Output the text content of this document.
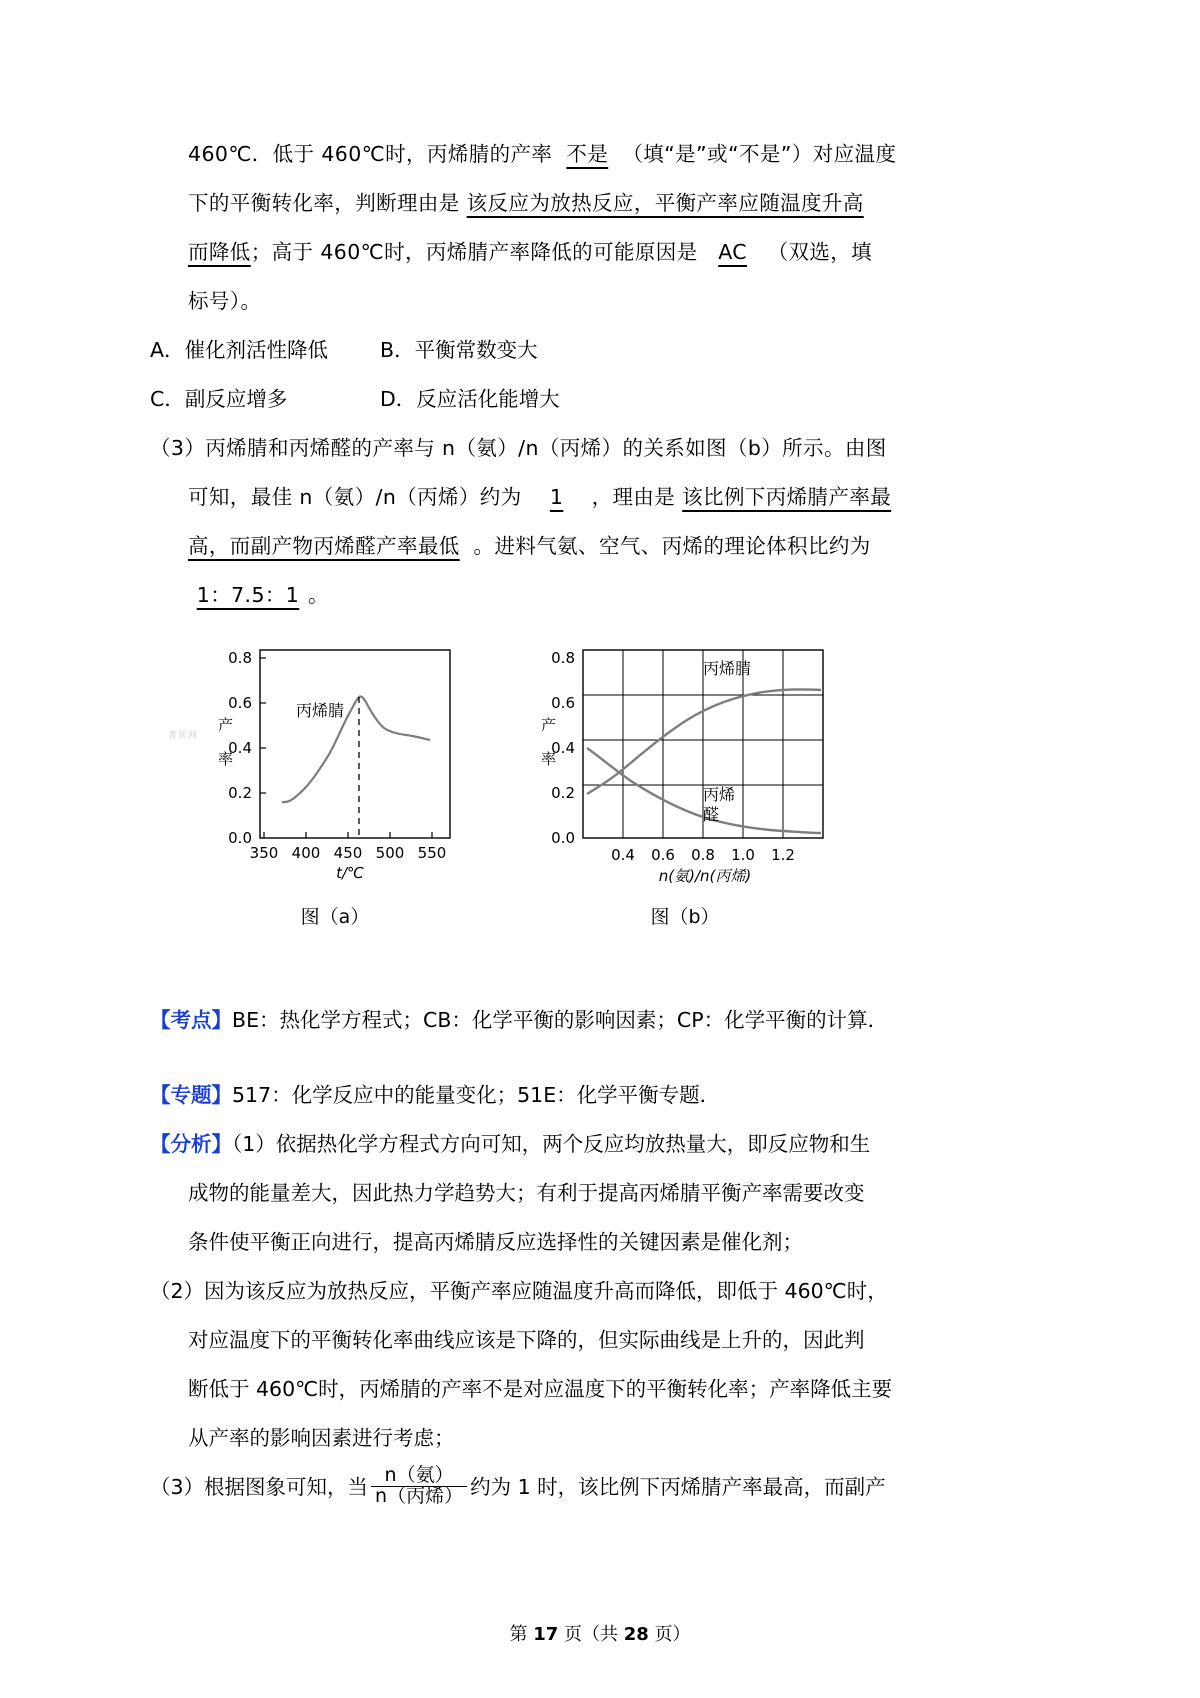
460℃．低于 460℃时，丙烯腈的产率 不是 （填“是”或“不是”）对应温度
下的平衡转化率，判断理由是 该反应为放热反应，平衡产率应随温度升高
而降低；高于 460℃时，丙烯腈产率降低的可能原因是 AC （双选，填
标号）。
A．催化剂活性降低	B．平衡常数变大
C．副反应增多	D．反应活化能增大
（3）丙烯腈和丙烯醛的产率与 n（氨）/n（丙烯）的关系如图（b）所示。由图
可知，最佳 n（氨）/n（丙烯）约为 1 ，理由是 该比例下丙烯腈产率最
高，而副产物丙烯醛产率最低 。进料气氨、空气、丙烯的理论体积比约为
1：7.5：1 。
0.8
0.6
0.4
0.2
0.0
产
率
350 400 450 500 550
丙烯腈
t/℃
图（a）
0.8
0.6
0.4
0.2
0.0
产
率
0.4 0.6 0.8 1.0 1.2
丙烯腈
丙烯
醛
n(氨)/n(丙烯)
图（b）
菁优网
【考点】BE：热化学方程式；CB：化学平衡的影响因素；CP：化学平衡的计算．
【专题】517：化学反应中的能量变化；51E：化学平衡专题．
【分析】（1）依据热化学方程式方向可知，两个反应均放热量大，即反应物和生
成物的能量差大，因此热力学趋势大；有利于提高丙烯腈平衡产率需要改变
条件使平衡正向进行，提高丙烯腈反应选择性的关键因素是催化剂；
（2）因为该反应为放热反应，平衡产率应随温度升高而降低，即低于 460℃时，
对应温度下的平衡转化率曲线应该是下降的，但实际曲线是上升的，因此判
断低于 460℃时，丙烯腈的产率不是对应温度下的平衡转化率；产率降低主要
从产率的影响因素进行考虑；
（3）根据图象可知，当 $\frac{\text{n（氨）}}{\text{n（丙烯）}}$ 约为 1 时，该比例下丙烯腈产率最高，而副产
第 17 页（共 28 页）
